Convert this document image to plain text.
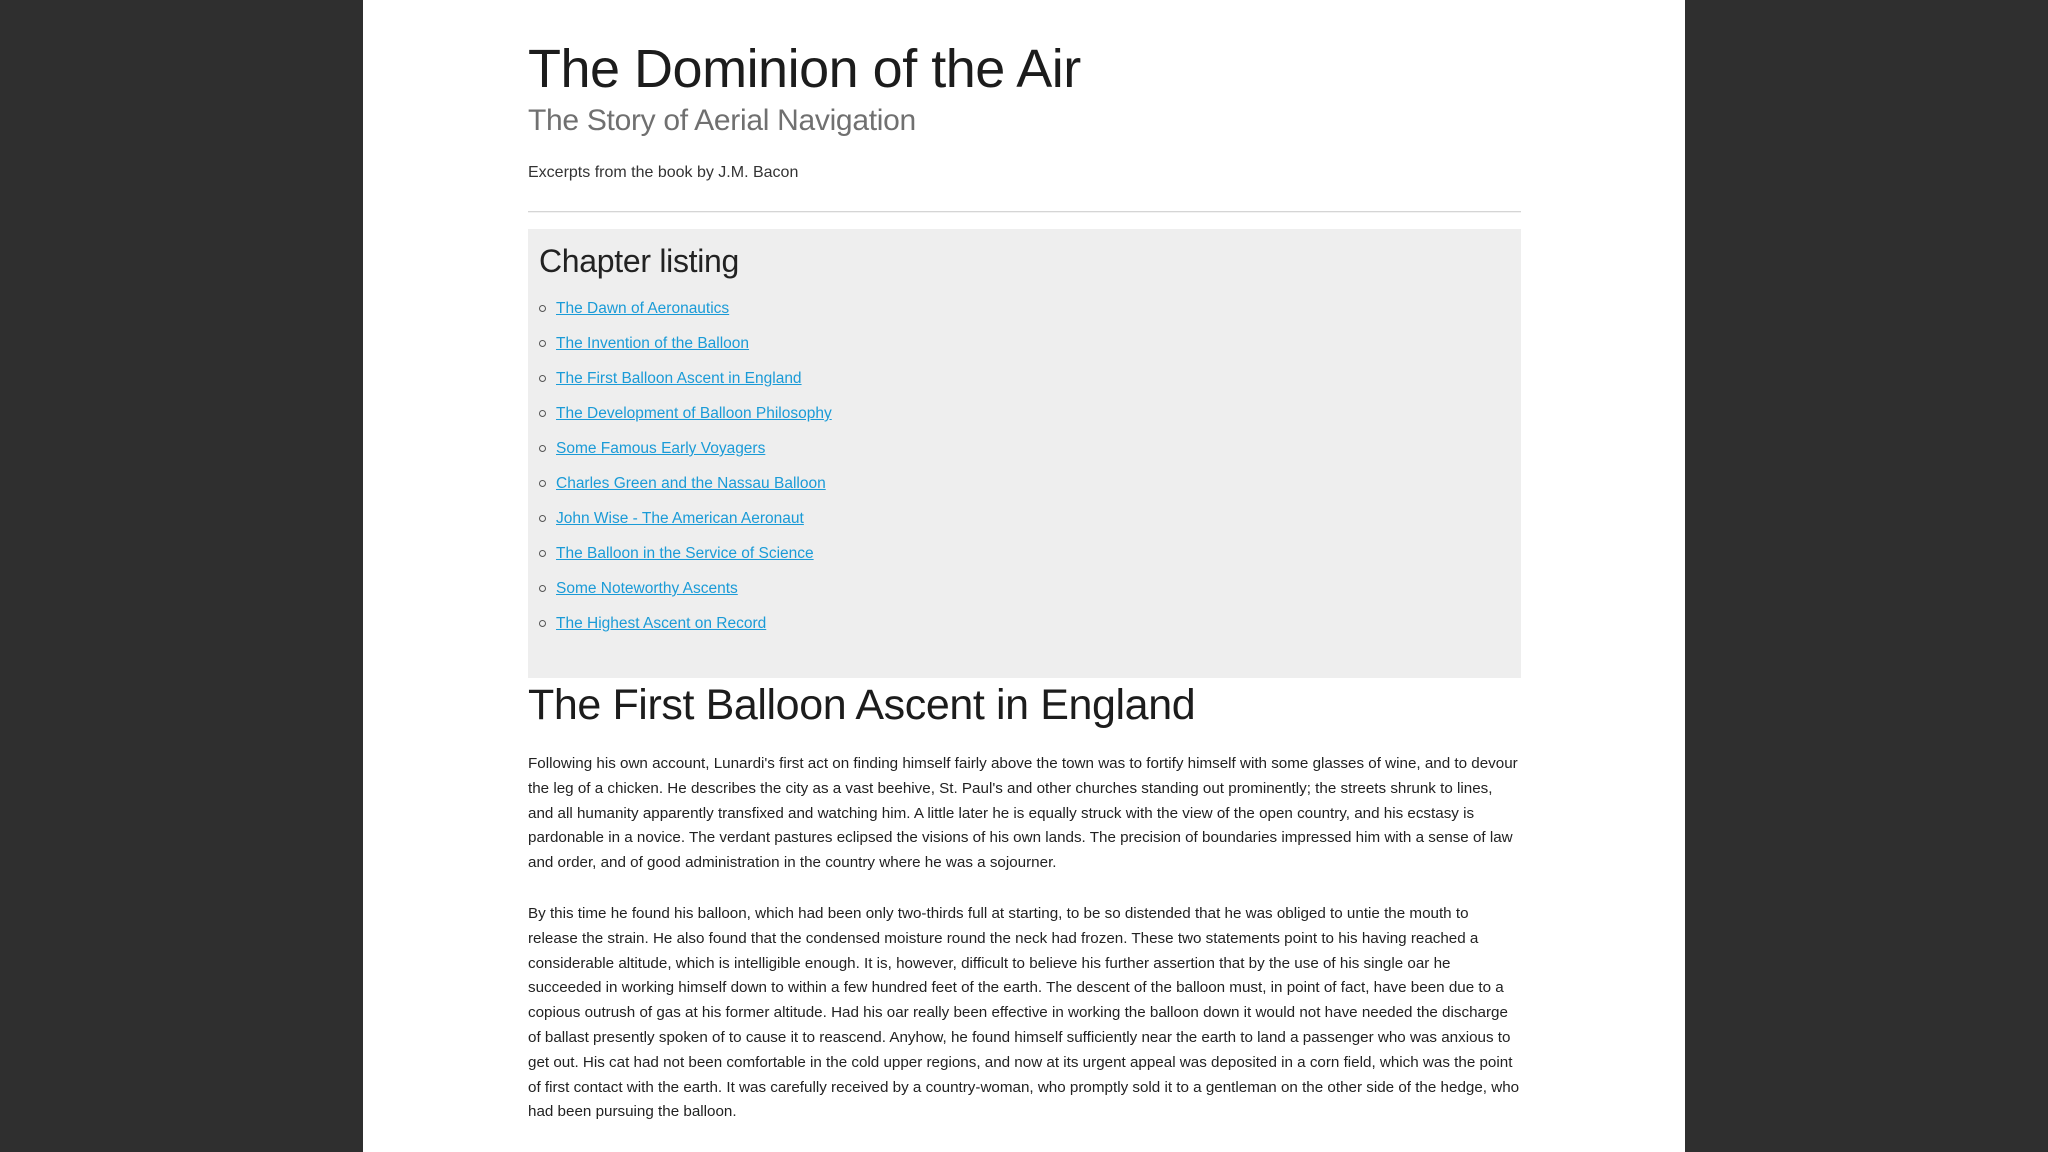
The Dominion of the Air
The Story of Aerial Navigation
Excerpts from the book by J.M. Bacon
Chapter listing
The Dawn of Aeronautics
The Invention of the Balloon
The First Balloon Ascent in England
The Development of Balloon Philosophy
Some Famous Early Voyagers
Charles Green and the Nassau Balloon
John Wise - The American Aeronaut
The Balloon in the Service of Science
Some Noteworthy Ascents
The Highest Ascent on Record
The First Balloon Ascent in England

Following his own account, Lunardi's first act on finding himself fairly above the town was to fortify himself with some glasses of wine, and to devour the leg of a chicken. He describes the city as a vast beehive, St. Paul's and other churches standing out prominently; the streets shrunk to lines, and all humanity apparently transfixed and watching him. A little later he is equally struck with the view of the open country, and his ecstasy is pardonable in a novice. The verdant pastures eclipsed the visions of his own lands. The precision of boundaries impressed him with a sense of law and order, and of good administration in the country where he was a sojourner.

By this time he found his balloon, which had been only two-thirds full at starting, to be so distended that he was obliged to untie the mouth to release the strain. He also found that the condensed moisture round the neck had frozen. These two statements point to his having reached a considerable altitude, which is intelligible enough. It is, however, difficult to believe his further assertion that by the use of his single oar he succeeded in working himself down to within a few hundred feet of the earth. The descent of the balloon must, in point of fact, have been due to a copious outrush of gas at his former altitude. Had his oar really been effective in working the balloon down it would not have needed the discharge of ballast presently spoken of to cause it to reascend. Anyhow, he found himself sufficiently near the earth to land a passenger who was anxious to get out. His cat had not been comfortable in the cold upper regions, and now at its urgent appeal was deposited in a corn field, which was the point of first contact with the earth. It was carefully received by a country-woman, who promptly sold it to a gentleman on the other side of the hedge, who had been pursuing the balloon.
